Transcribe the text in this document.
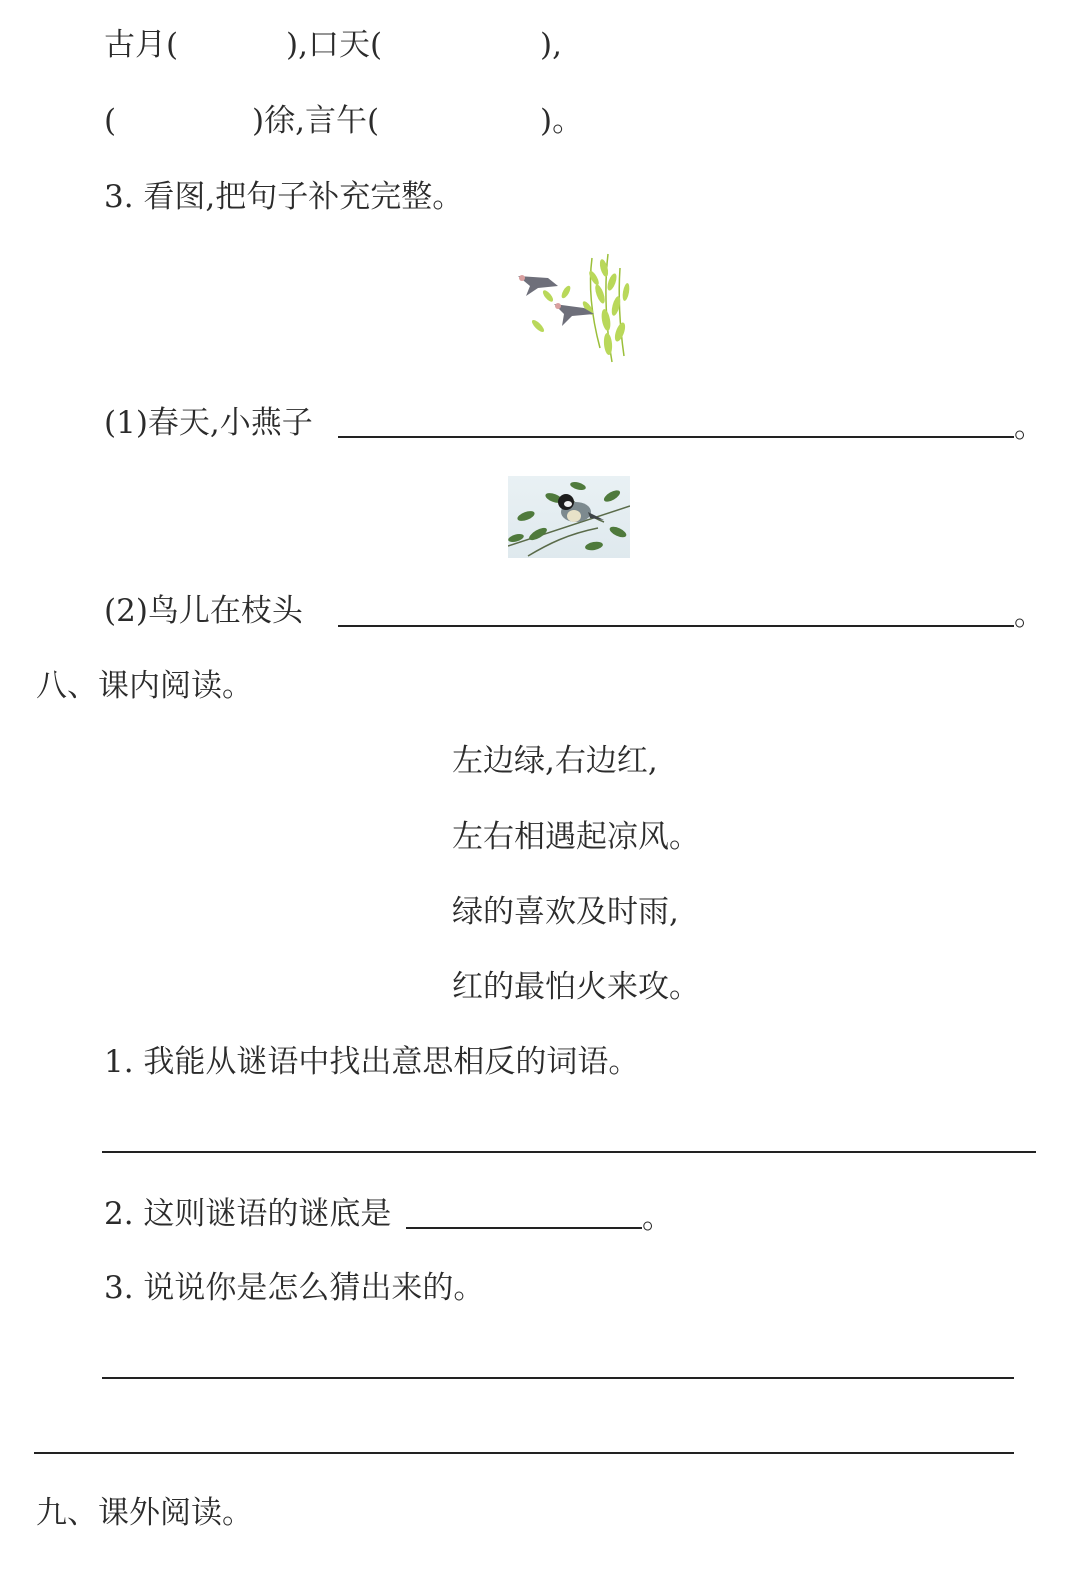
古月(	),口天(	),
(	)徐,言午(	)。
3. 看图,把句子补充完整。
(1)春天,小燕子	。
(2)鸟儿在枝头	。
八、课内阅读。
左边绿,右边红,
左右相遇起凉风。
绿的喜欢及时雨,
红的最怕火来攻。
1. 我能从谜语中找出意思相反的词语。
2. 这则谜语的谜底是	。
3. 说说你是怎么猜出来的。
九、课外阅读。
